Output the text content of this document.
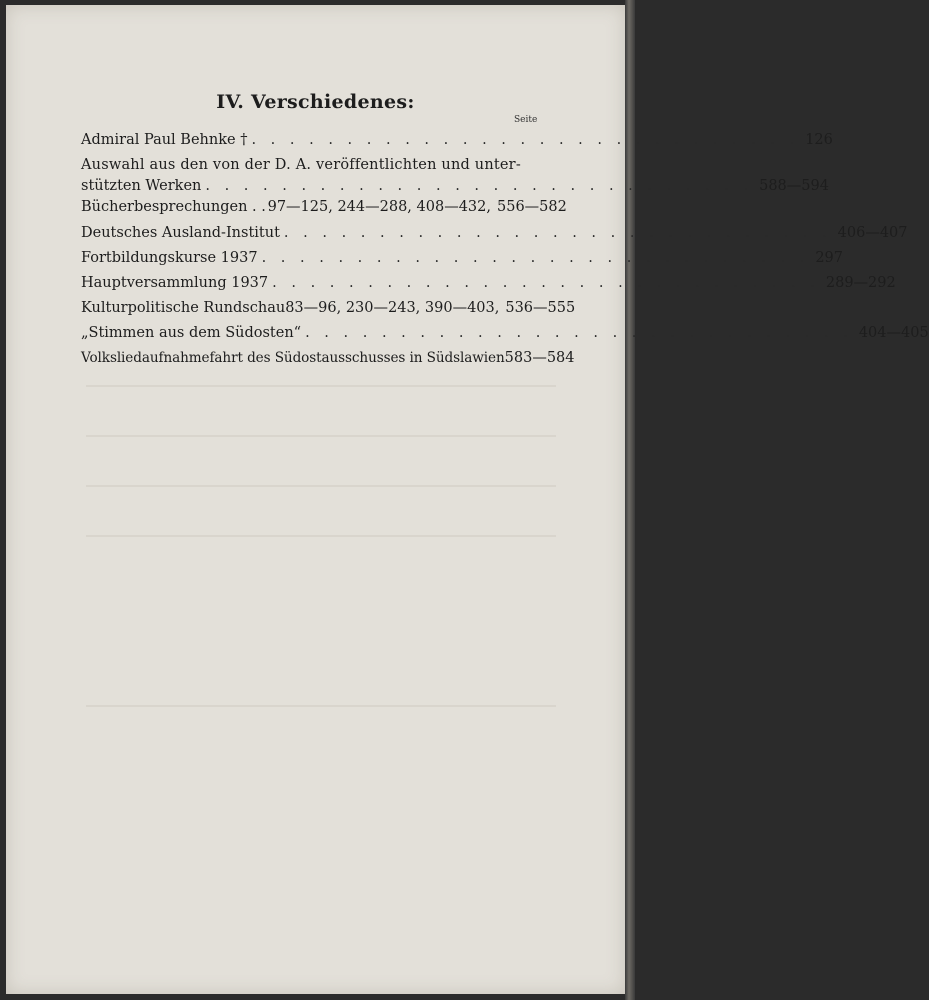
IV. Verschiedenes:
Seite
Admiral Paul Behnke † . . . . . . . . . . . . . . . . . . . . . . . . . . . . . 126
Auswahl aus den von der D. A. veröffentlichten und unter-
stützten Werken . . . . . . . . . . . . . . . . . . . . . . . . . . . . . 588—594
Bücherbesprechungen . . 97—125, 244—288, 408—432, 556—582
Deutsches Ausland-Institut . . . . . . . . . . . . . . . . . . . . . . . . . . . . . 406—407
Fortbildungskurse 1937 . . . . . . . . . . . . . . . . . . . . . . . . . . . . . 297
Hauptversammlung 1937 . . . . . . . . . . . . . . . . . . . . . . . . . . . . . 289—292
Kulturpolitische Rundschau 83—96, 230—243, 390—403, 536—555
„Stimmen aus dem Südosten“ . . . . . . . . . . . . . . . . . . . . . . . . . . . . . 404—405
Volksliedaufnahmefahrt des Südostausschusses in Südslawien 583—584
